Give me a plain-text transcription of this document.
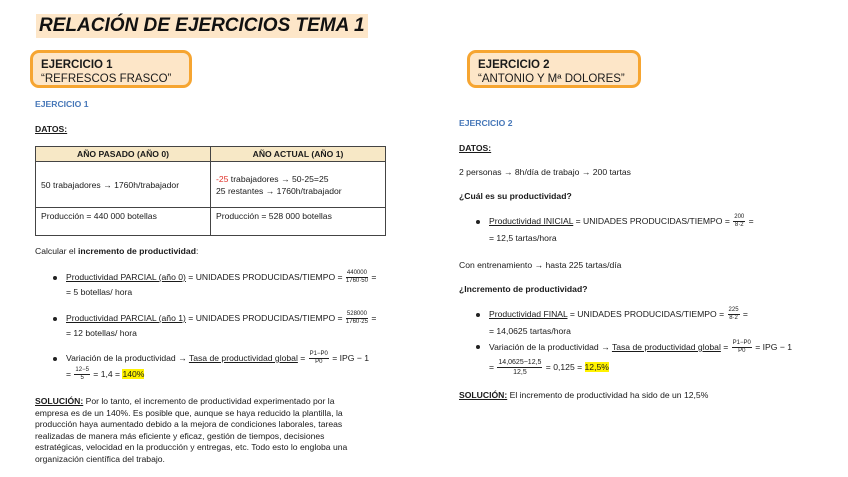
RELACIÓN DE EJERCICIOS TEMA 1
EJERCICIO 1
“REFRESCOS FRASCO”
EJERCICIO 1
DATOS:
AÑO PASADO (AÑO 0)	AÑO ACTUAL (AÑO 1)
50 trabajadores → 1760h/trabajador	-25 trabajadores → 50-25=25
25 restantes → 1760h/trabajador

Producción = 440 000 botellas	Producción = 528 000 botellas
Calcular el incremento de productividad:
Productividad PARCIAL (año 0) = UNIDADES PRODUCIDAS/TIEMPO = $\frac{440000}{1760\cdot 50}$ =
= 5 botellas/ hora
Productividad PARCIAL (año 1) = UNIDADES PRODUCIDAS/TIEMPO = $\frac{528000}{1760\cdot 25}$ =
= 12 botellas/ hora
Variación de la productividad → Tasa de productividad global = $\frac{P1-P0}{P0}$ = IPG − 1
= $\frac{12-5}{5} = 1,4 = 140\%$
SOLUCIÓN: Por lo tanto, el incremento de productividad experimentado por la
empresa es de un 140%. Es posible que, aunque se haya reducido la plantilla, la
producción haya aumentado debido a la mejora de condiciones laborales, tareas
realizadas de manera más eficiente y eficaz, gestión de tiempos, decisiones
estratégicas, velocidad en la producción y entregas, etc. Todo esto lo engloba una
organización científica del trabajo.
EJERCICIO 2
“ANTONIO Y Mª DOLORES”
EJERCICIO 2
DATOS:
2 personas → 8h/día de trabajo → 200 tartas
¿Cuál es su productividad?
Productividad INICIAL = UNIDADES PRODUCIDAS/TIEMPO = $\frac{200}{8\cdot 2}$ =
= 12,5 tartas/hora
Con entrenamiento → hasta 225 tartas/día
¿Incremento de productividad?
Productividad FINAL = UNIDADES PRODUCIDAS/TIEMPO = $\frac{225}{8\cdot 2}$ =
= 14,0625 tartas/hora
Variación de la productividad → Tasa de productividad global = $\frac{P1-P0}{P0}$ = IPG − 1
= $\frac{14,0625-12,5}{12,5} = 0,125 = 12,5\%$
SOLUCIÓN: El incremento de productividad ha sido de un 12,5%
